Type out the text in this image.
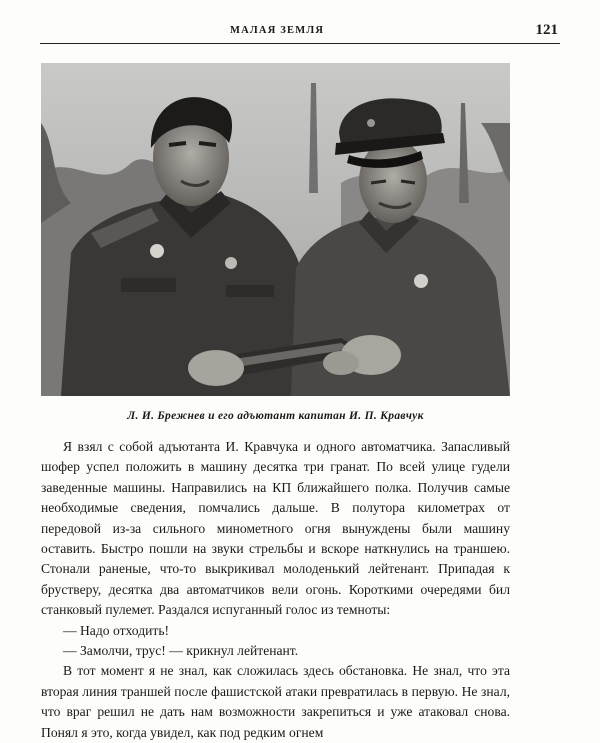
МАЛАЯ ЗЕМЛЯ	121
Л. И. Брежнев и его адъютант капитан И. П. Кравчук

Я взял с собой адъютанта И. Кравчука и одного автоматчика. Запасливый шофер успел положить в машину десятка три гранат. По всей улице гудели заведенные машины. Направились на КП ближайшего полка. Получив самые необходимые сведения, помчались дальше. В полутора километрах от передовой из-за сильного минометного огня вынуждены были машину оставить. Быстро пошли на звуки стрельбы и вскоре наткнулись на траншею. Стонали раненые, что-то выкрикивал молоденький лейтенант. Припадая к брустверу, десятка два автоматчиков вели огонь. Короткими очередями бил станковый пулемет. Раздался испуганный голос из темноты:

— Надо отходить!

— Замолчи, трус! — крикнул лейтенант.

В тот момент я не знал, как сложилась здесь обстановка. Не знал, что эта вторая линия траншей после фашистской атаки превратилась в первую. Не знал, что враг решил не дать нам возможности закрепиться и уже атаковал снова. Понял я это, когда увидел, как под редким огнем
